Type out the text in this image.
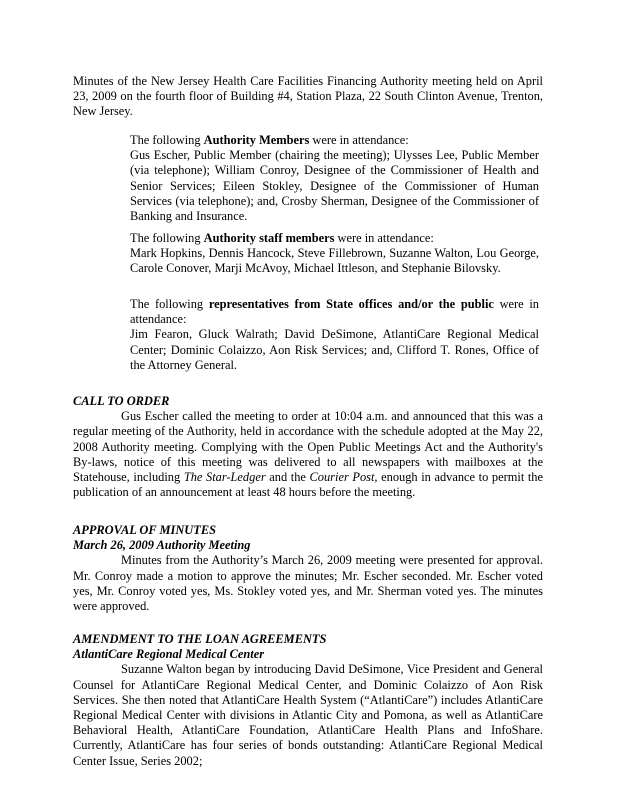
Minutes of the New Jersey Health Care Facilities Financing Authority meeting held on April 23, 2009 on the fourth floor of Building #4, Station Plaza, 22 South Clinton Avenue, Trenton, New Jersey.

The following Authority Members were in attendance:

Gus Escher, Public Member (chairing the meeting); Ulysses Lee, Public Member (via telephone); William Conroy, Designee of the Commissioner of Health and Senior Services; Eileen Stokley, Designee of the Commissioner of Human Services (via telephone); and, Crosby Sherman, Designee of the Commissioner of Banking and Insurance.

The following Authority staff members were in attendance:

Mark Hopkins, Dennis Hancock, Steve Fillebrown, Suzanne Walton, Lou George, Carole Conover, Marji McAvoy, Michael Ittleson, and Stephanie Bilovsky.

The following representatives from State offices and/or the public were in attendance:

Jim Fearon, Gluck Walrath; David DeSimone, AtlantiCare Regional Medical Center; Dominic Colaizzo, Aon Risk Services; and, Clifford T. Rones, Office of the Attorney General.

CALL TO ORDER

Gus Escher called the meeting to order at 10:04 a.m. and announced that this was a regular meeting of the Authority, held in accordance with the schedule adopted at the May 22, 2008 Authority meeting. Complying with the Open Public Meetings Act and the Authority's By-laws, notice of this meeting was delivered to all newspapers with mailboxes at the Statehouse, including The Star-Ledger and the Courier Post, enough in advance to permit the publication of an announcement at least 48 hours before the meeting.

APPROVAL OF MINUTES

March 26, 2009 Authority Meeting

Minutes from the Authority’s March 26, 2009 meeting were presented for approval. Mr. Conroy made a motion to approve the minutes; Mr. Escher seconded. Mr. Escher voted yes, Mr. Conroy voted yes, Ms. Stokley voted yes, and Mr. Sherman voted yes. The minutes were approved.

AMENDMENT TO THE LOAN AGREEMENTS

AtlantiCare Regional Medical Center

Suzanne Walton began by introducing David DeSimone, Vice President and General Counsel for AtlantiCare Regional Medical Center, and Dominic Colaizzo of Aon Risk Services. She then noted that AtlantiCare Health System (“AtlantiCare”) includes AtlantiCare Regional Medical Center with divisions in Atlantic City and Pomona, as well as AtlantiCare Behavioral Health, AtlantiCare Foundation, AtlantiCare Health Plans and InfoShare. Currently, AtlantiCare has four series of bonds outstanding: AtlantiCare Regional Medical Center Issue, Series 2002;
